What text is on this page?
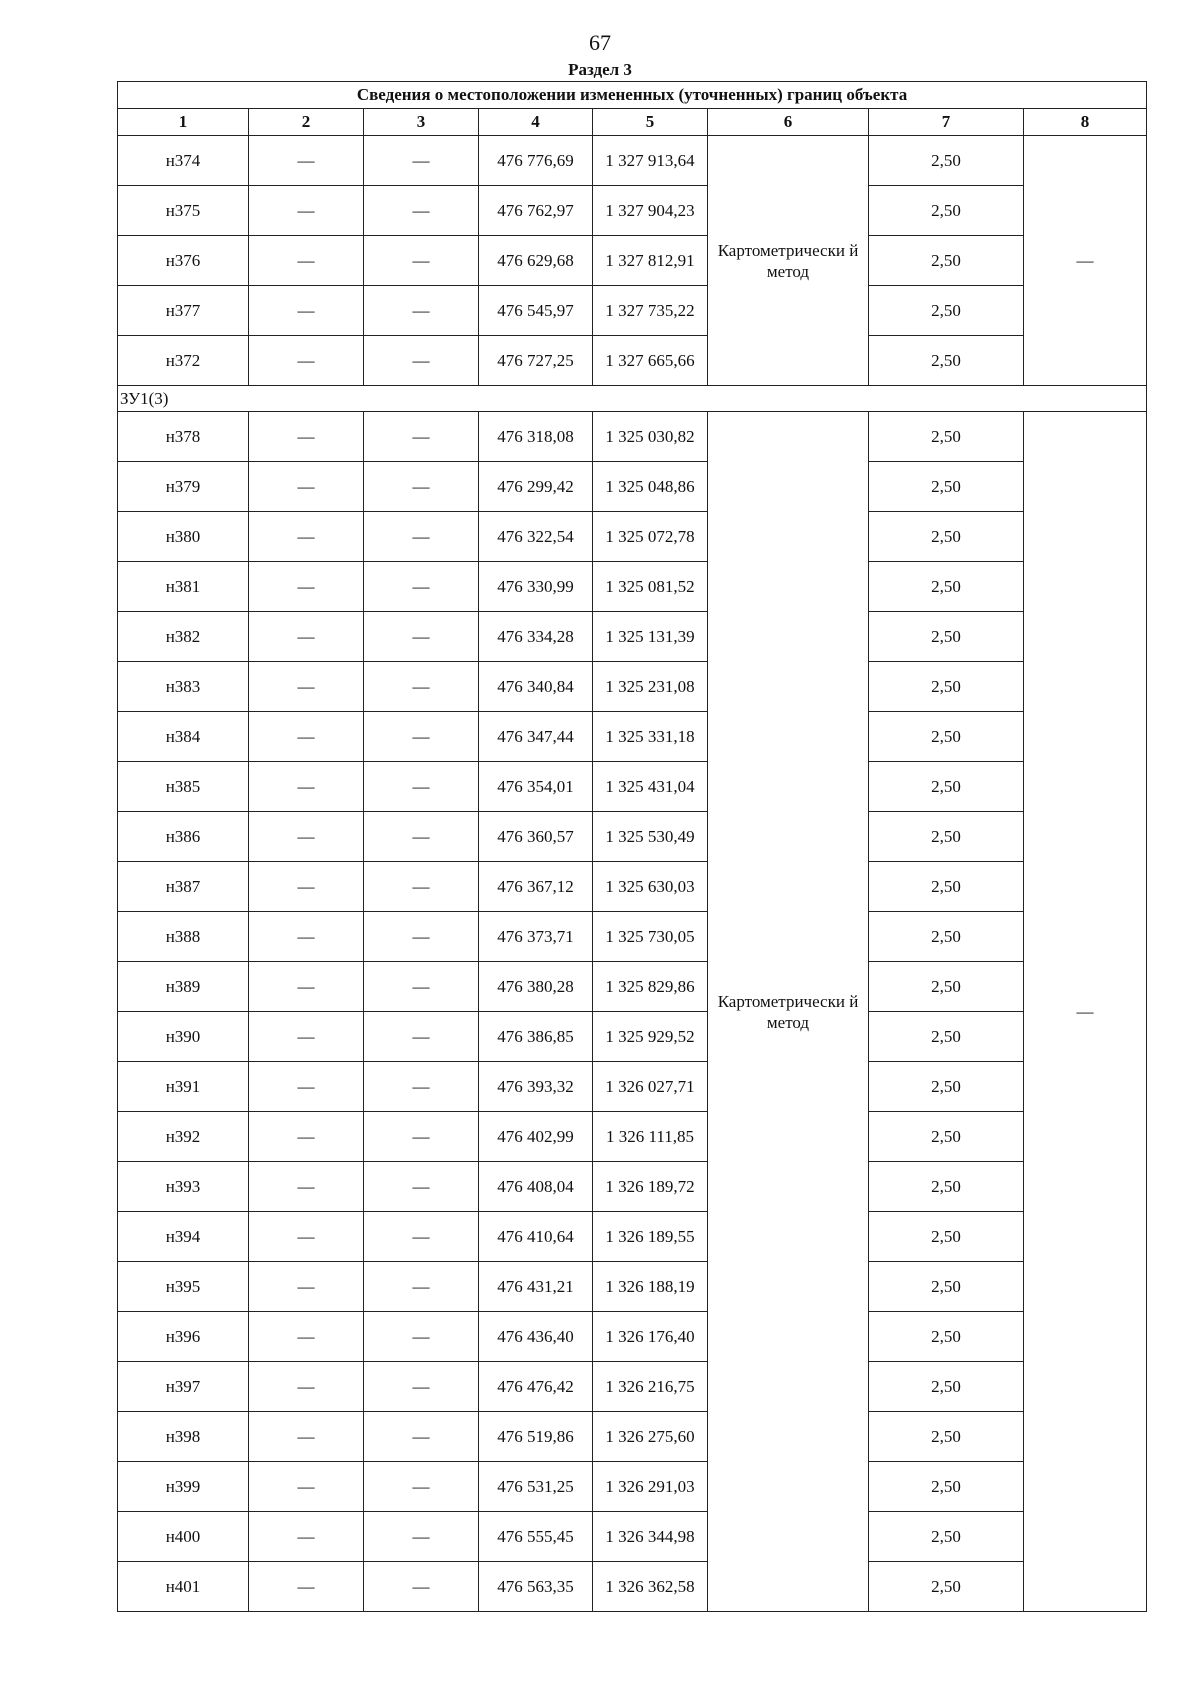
67
Раздел 3
Сведения о местоположении измененных (уточненных) границ объекта							
1	2	3	4	5	6	7	8
н374	—	—	476 776,69	1 327 913,64	Картометрически й метод	2,50	—
н375	—	—	476 762,97	1 327 904,23		2,50	
н376	—	—	476 629,68	1 327 812,91		2,50	
н377	—	—	476 545,97	1 327 735,22		2,50	
н372	—	—	476 727,25	1 327 665,66		2,50	
ЗУ1(3)							
н378	—	—	476 318,08	1 325 030,82	Картометрически й метод	2,50	—
н379	—	—	476 299,42	1 325 048,86		2,50	
н380	—	—	476 322,54	1 325 072,78		2,50	
н381	—	—	476 330,99	1 325 081,52		2,50	
н382	—	—	476 334,28	1 325 131,39		2,50	
н383	—	—	476 340,84	1 325 231,08		2,50	
н384	—	—	476 347,44	1 325 331,18		2,50	
н385	—	—	476 354,01	1 325 431,04		2,50	
н386	—	—	476 360,57	1 325 530,49		2,50	
н387	—	—	476 367,12	1 325 630,03		2,50	
н388	—	—	476 373,71	1 325 730,05		2,50	
н389	—	—	476 380,28	1 325 829,86		2,50	
н390	—	—	476 386,85	1 325 929,52		2,50	
н391	—	—	476 393,32	1 326 027,71		2,50	
н392	—	—	476 402,99	1 326 111,85		2,50	
н393	—	—	476 408,04	1 326 189,72		2,50	
н394	—	—	476 410,64	1 326 189,55		2,50	
н395	—	—	476 431,21	1 326 188,19		2,50	
н396	—	—	476 436,40	1 326 176,40		2,50	
н397	—	—	476 476,42	1 326 216,75		2,50	
н398	—	—	476 519,86	1 326 275,60		2,50	
н399	—	—	476 531,25	1 326 291,03		2,50	
н400	—	—	476 555,45	1 326 344,98		2,50	
н401	—	—	476 563,35	1 326 362,58		2,50	
